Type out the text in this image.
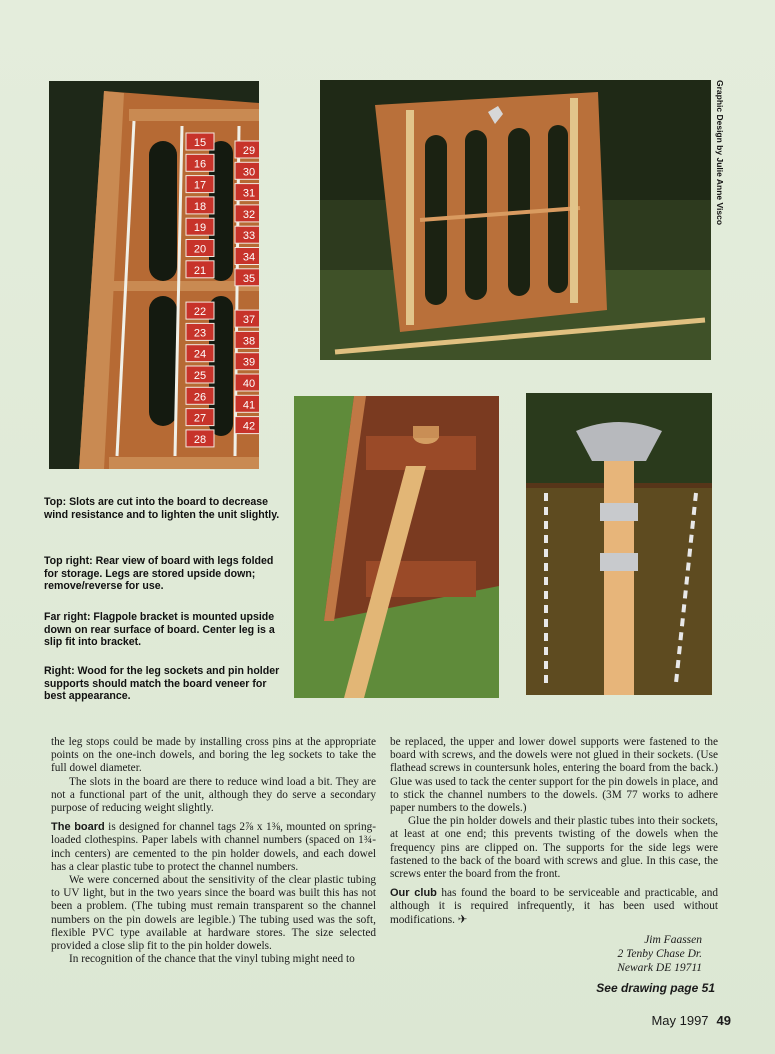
15
16
17
18
19
20
21
22
23
24
25
26
27
28
29
30
31
32
33
34
35
37
38
39
40
41
42
Graphic Design by Julie Anne Visco
Top: Slots are cut into the board to decrease wind resistance and to lighten the unit slightly.
Top right: Rear view of board with legs folded for storage. Legs are stored upside down; remove/reverse for use.
Far right: Flagpole bracket is mounted upside down on rear surface of board. Center leg is a slip fit into bracket.
Right: Wood for the leg sockets and pin holder supports should match the board veneer for best appearance.

the leg stops could be made by installing cross pins at the appropriate points on the one-inch dowels, and boring the leg sockets to take the full dowel diameter.

The slots in the board are there to reduce wind load a bit. They are not a functional part of the unit, although they do serve a secondary purpose of reducing weight slightly.

The board is designed for channel tags 2⅞ x 1⅜, mounted on spring-loaded clothespins. Paper labels with channel numbers (spaced on 1¾-inch centers) are cemented to the pin holder dowels, and each dowel has a clear plastic tube to protect the channel numbers.

We were concerned about the sensitivity of the clear plastic tubing to UV light, but in the two years since the board was built this has not been a problem. (The tubing must remain transparent so the channel numbers on the pin dowels are legible.) The tubing used was the soft, flexible PVC type available at hardware stores. The size selected provided a close slip fit to the pin holder dowels.

In recognition of the chance that the vinyl tubing might need to

be replaced, the upper and lower dowel supports were fastened to the board with screws, and the dowels were not glued in their sockets. (Use flathead screws in countersunk holes, entering the board from the back.) Glue was used to tack the center support for the pin dowels in place, and to stick the channel numbers to the dowels. (3M 77 works to adhere paper numbers to the dowels.)

Glue the pin holder dowels and their plastic tubes into their sockets, at least at one end; this prevents twisting of the dowels when the frequency pins are clipped on. The supports for the side legs were fastened to the back of the board with screws and glue. In this case, the screws enter the board from the front.

Our club has found the board to be serviceable and practicable, and although it is required infrequently, it has been used without modifications. ✈

Jim Faassen
2 Tenby Chase Dr.
Newark DE 19711
See drawing page 51
May 1997 49
